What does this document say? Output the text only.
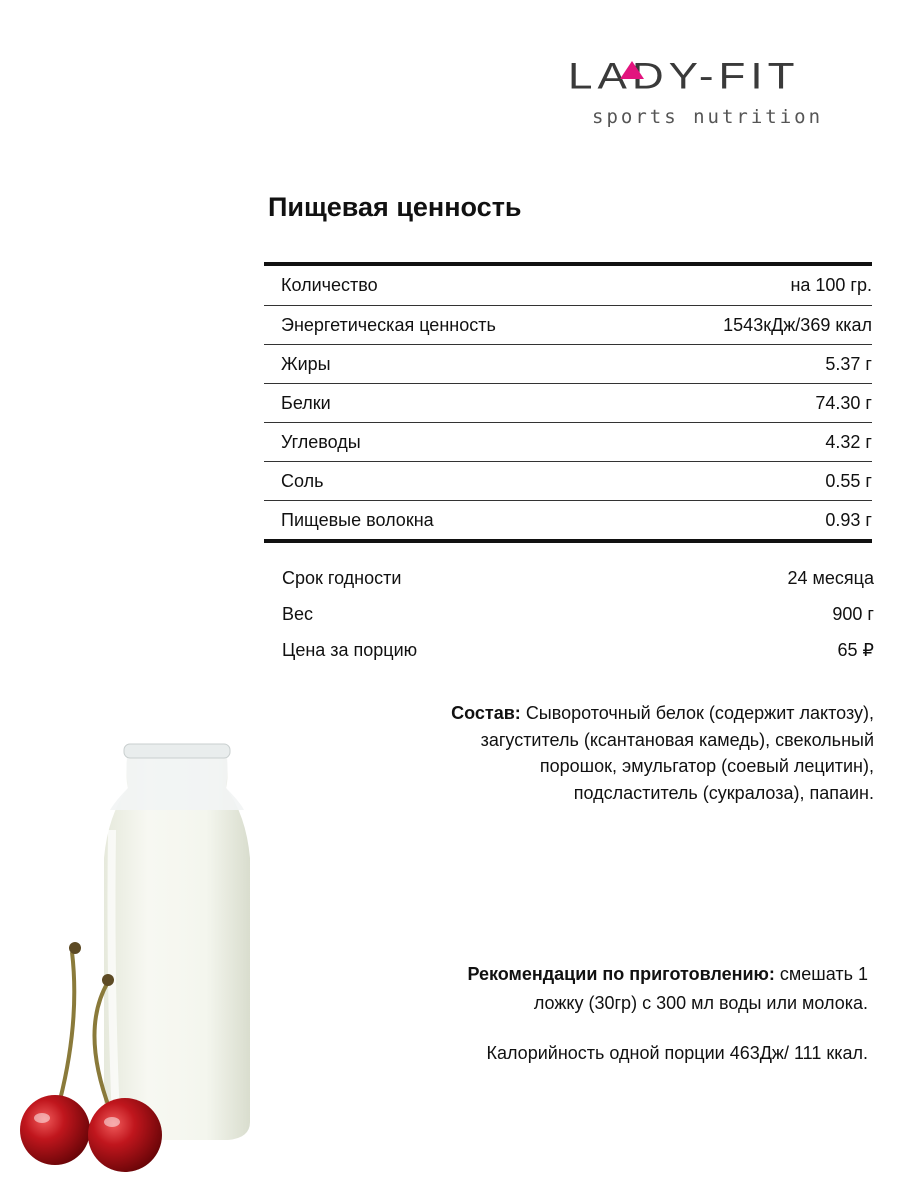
LADY-FIT
sports nutrition
Пищевая ценность
Количество	на 100 гр.
Энергетическая ценность	1543кДж/369 ккал
Жиры	5.37 г
Белки	74.30 г
Углеводы	4.32 г
Соль	0.55 г
Пищевые волокна	0.93 г
Срок годности	24 месяца
Вес	900 г
Цена за порцию	65 ₽
Состав: Сывороточный белок (содержит лактозу),
загуститель (ксантановая камедь), свекольный
порошок, эмульгатор (соевый лецитин),
подсластитель (сукралоза), папаин.
Рекомендации по приготовлению: смешать 1
ложку (30гр) с 300 мл воды или молока.
Калорийность одной порции 463Дж/ 111 ккал.
